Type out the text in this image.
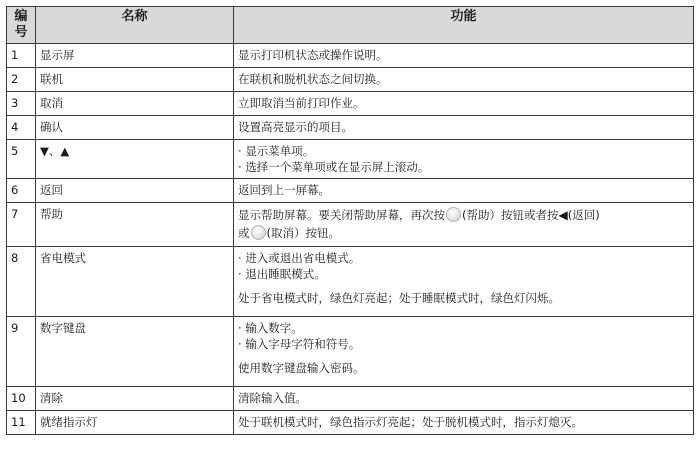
编号	名称	功能
1	显示屏	显示打印机状态或操作说明。
2	联机	在联机和脱机状态之间切换。
3	取消	立即取消当前打印作业。
4	确认	设置高亮显示的项目。
5	▼、▲	· 显示菜单项。
· 选择一个菜单项或在显示屏上滚动。

6	返回	返回到上一屏幕。
7	帮助	显示帮助屏幕。要关闭帮助屏幕，再次按 (帮助）按钮或者按◀(返回)
或 (取消）按钮。
8	省电模式	· 进入或退出省电模式。
· 退出睡眠模式。
处于省电模式时，绿色灯亮起；处于睡眠模式时，绿色灯闪烁。

9	数字键盘	· 输入数字。
· 输入字母字符和符号。
使用数字键盘输入密码。

10	清除	清除输入值。
11	就绪指示灯	处于联机模式时，绿色指示灯亮起；处于脱机模式时，指示灯熄灭。
